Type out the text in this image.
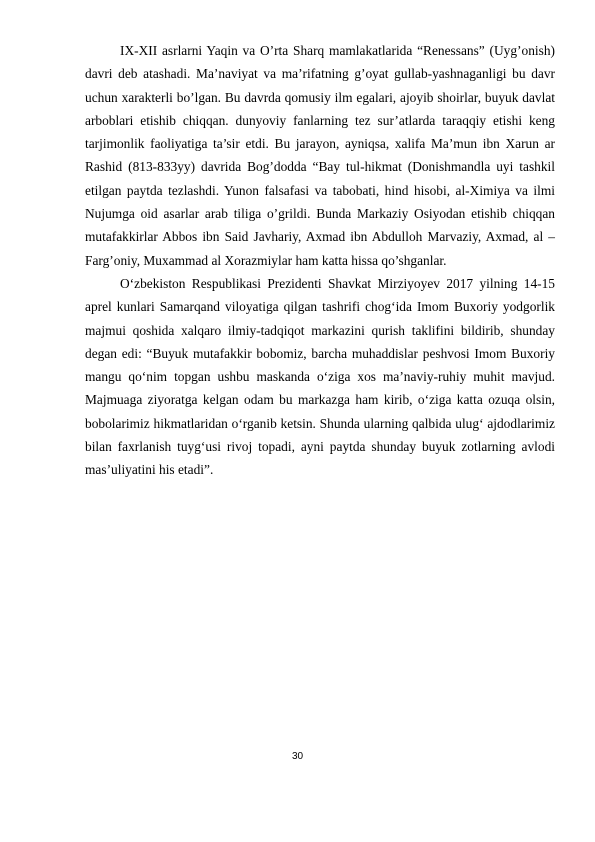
IX-XII asrlarni Yaqin va O’rta Sharq mamlakatlarida “Renessans” (Uyg’onish) davri deb atashadi. Ma’naviyat va ma’rifatning g’oyat gullab-yashnaganligi bu davr uchun xarakterli bo’lgan. Bu davrda qomusiy ilm egalari, ajoyib shoirlar, buyuk davlat arboblari etishib chiqqan. dunyoviy fanlarning tez sur’atlarda taraqqiy etishi keng tarjimonlik faoliyatiga ta’sir etdi. Bu jarayon, ayniqsa, xalifa Ma’mun ibn Xarun ar Rashid (813-833yy) davrida Bog’dodda “Bay tul-hikmat (Donishmandla uyi tashkil etilgan paytda tezlashdi. Yunon falsafasi va tabobati, hind hisobi, al-Ximiya va ilmi Nujumga oid asarlar arab tiliga o’grildi. Bunda Markaziy Osiyodan etishib chiqqan mutafakkirlar Abbos ibn Said Javhariy, Axmad ibn Abdulloh Marvaziy, Axmad, al –Farg’oniy, Muxammad al Xorazmiylar ham katta hissa qo’shganlar.

O‘zbekiston Respublikasi Prezidenti Shavkat Mirziyoyev 2017 yilning 14-15 aprel kunlari Samarqand viloyatiga qilgan tashrifi chog‘ida Imom Buxoriy yodgorlik majmui qoshida xalqaro ilmiy-tadqiqot markazini qurish taklifini bildirib, shunday degan edi: “Buyuk mutafakkir bobomiz, barcha muhaddislar peshvosi Imom Buxoriy mangu qo‘nim topgan ushbu maskanda o‘ziga xos ma’naviy-ruhiy muhit mavjud. Majmuaga ziyoratga kelgan odam bu markazga ham kirib, o‘ziga katta ozuqa olsin, bobolarimiz hikmatlaridan o‘rganib ketsin. Shunda ularning qalbida ulug‘ ajdodlarimiz bilan faxrlanish tuyg‘usi rivoj topadi, ayni paytda shunday buyuk zotlarning avlodi mas’uliyatini his etadi”.

30
